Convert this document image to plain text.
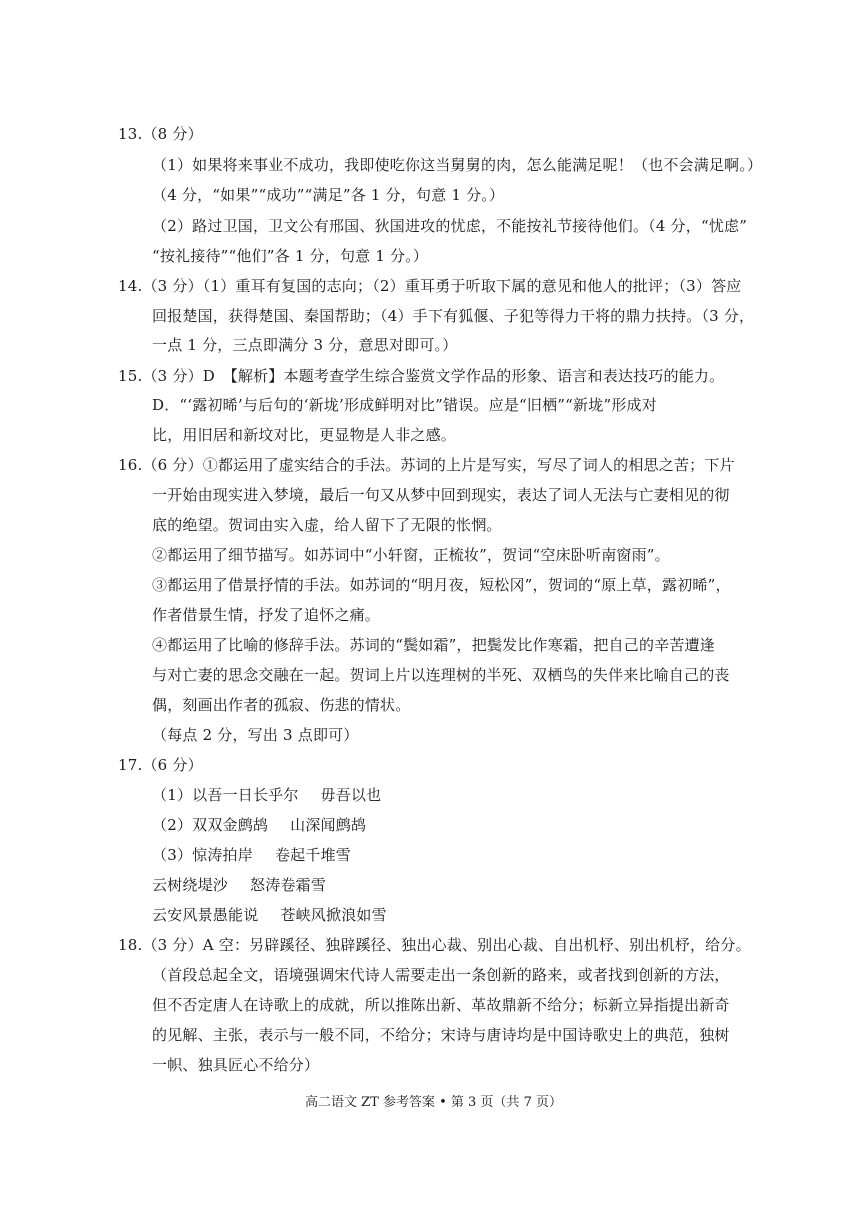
13.（8 分）
（1）如果将来事业不成功，我即使吃你这当舅舅的肉，怎么能满足呢！（也不会满足啊。）
（4 分，“如果”“成功”“满足”各 1 分，句意 1 分。）
（2）路过卫国，卫文公有邢国、狄国进攻的忧虑，不能按礼节接待他们。（4 分，“忧虑”
“按礼接待”“他们”各 1 分，句意 1 分。）
14.（3 分）（1）重耳有复国的志向；（2）重耳勇于听取下属的意见和他人的批评；（3）答应
回报楚国，获得楚国、秦国帮助；（4）手下有狐偃、子犯等得力干将的鼎力扶持。（3 分，
一点 1 分，三点即满分 3 分，意思对即可。）
15.（3 分）D　【解析】本题考查学生综合鉴赏文学作品的形象、语言和表达技巧的能力。
D．“‘露初晞’与后句的‘新垅’形成鲜明对比”错误。应是“旧栖”“新垅”形成对
比，用旧居和新坟对比，更显物是人非之感。
16.（6 分）①都运用了虚实结合的手法。苏词的上片是写实，写尽了词人的相思之苦；下片
一开始由现实进入梦境，最后一句又从梦中回到现实，表达了词人无法与亡妻相见的彻
底的绝望。贺词由实入虚，给人留下了无限的怅惘。
②都运用了细节描写。如苏词中“小轩窗，正梳妆”，贺词“空床卧听南窗雨”。
③都运用了借景抒情的手法。如苏词的“明月夜，短松冈”，贺词的“原上草，露初晞”，
作者借景生情，抒发了追怀之痛。
④都运用了比喻的修辞手法。苏词的“鬓如霜”，把鬓发比作寒霜，把自己的辛苦遭逢
与对亡妻的思念交融在一起。贺词上片以连理树的半死、双栖鸟的失伴来比喻自己的丧
偶，刻画出作者的孤寂、伤悲的情状。
（每点 2 分，写出 3 点即可）
17.（6 分）
（1）以吾一日长乎尔 毋吾以也
（2）双双金鹧鸪 山深闻鹧鸪
（3）惊涛拍岸 卷起千堆雪
云树绕堤沙 怒涛卷霜雪
云安风景愚能说 苍峡风掀浪如雪
18.（3 分）A 空：另辟蹊径、独辟蹊径、独出心裁、别出心裁、自出机杼、别出机杼，给分。
（首段总起全文，语境强调宋代诗人需要走出一条创新的路来，或者找到创新的方法，
但不否定唐人在诗歌上的成就，所以推陈出新、革故鼎新不给分；标新立异指提出新奇
的见解、主张，表示与一般不同，不给分；宋诗与唐诗均是中国诗歌史上的典范，独树
一帜、独具匠心不给分）
高二语文 ZT 参考答案 • 第 3 页（共 7 页）
